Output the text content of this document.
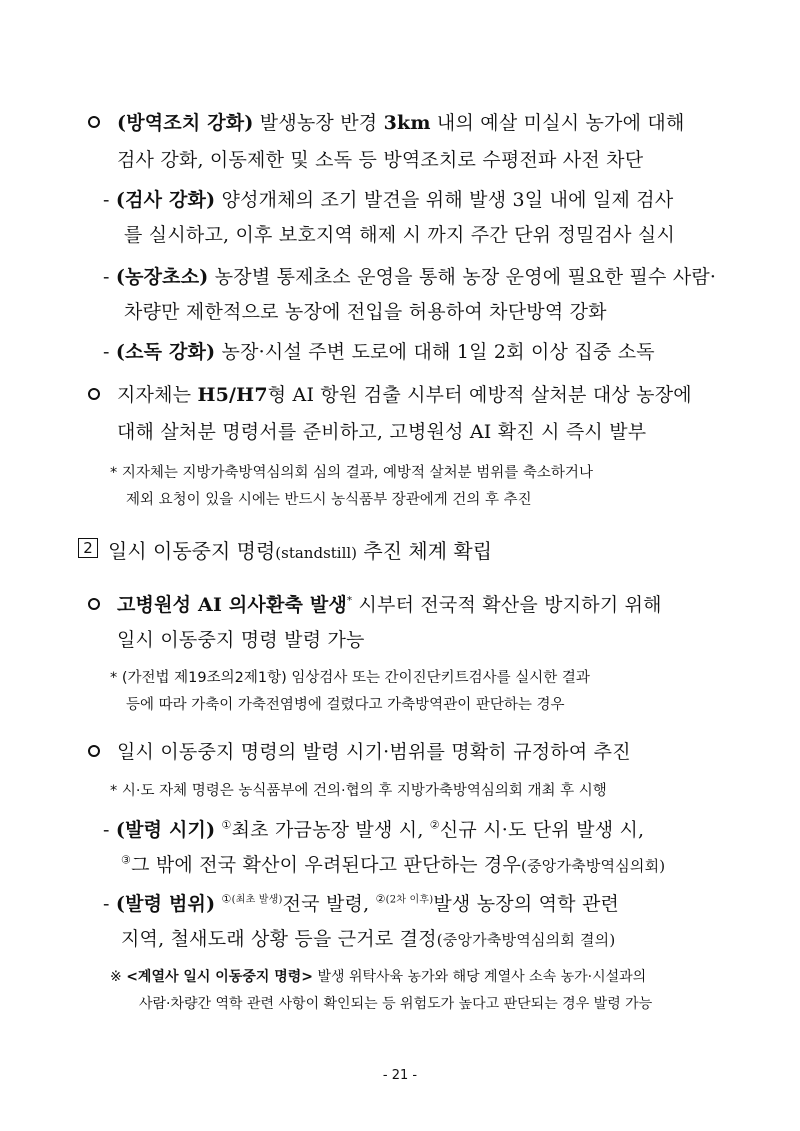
(방역조치 강화) 발생농장 반경 3km 내의 예살 미실시 농가에 대해
검사 강화, 이동제한 및 소독 등 방역조치로 수평전파 사전 차단
- (검사 강화) 양성개체의 조기 발견을 위해 발생 3일 내에 일제 검사
를 실시하고, 이후 보호지역 해제 시 까지 주간 단위 정밀검사 실시
- (농장초소) 농장별 통제초소 운영을 통해 농장 운영에 필요한 필수 사람·
차량만 제한적으로 농장에 전입을 허용하여 차단방역 강화
- (소독 강화) 농장·시설 주변 도로에 대해 1일 2회 이상 집중 소독
지자체는 H5/H7형 AI 항원 검출 시부터 예방적 살처분 대상 농장에
대해 살처분 명령서를 준비하고, 고병원성 AI 확진 시 즉시 발부
* 지자체는 지방가축방역심의회 심의 결과, 예방적 살처분 범위를 축소하거나
제외 요청이 있을 시에는 반드시 농식품부 장관에게 건의 후 추진
2 일시 이동중지 명령(standstill) 추진 체계 확립
고병원성 AI 의사환축 발생* 시부터 전국적 확산을 방지하기 위해
일시 이동중지 명령 발령 가능
* (가전법 제19조의2제1항) 임상검사 또는 간이진단키트검사를 실시한 결과
등에 따라 가축이 가축전염병에 걸렸다고 가축방역관이 판단하는 경우
일시 이동중지 명령의 발령 시기·범위를 명확히 규정하여 추진
* 시·도 자체 명령은 농식품부에 건의·협의 후 지방가축방역심의회 개최 후 시행
- (발령 시기) ①최초 가금농장 발생 시, ②신규 시·도 단위 발생 시,
③그 밖에 전국 확산이 우려된다고 판단하는 경우(중앙가축방역심의회)
- (발령 범위) $^{①(최초 발생)}$전국 발령, $^{②(2차 이후)}$발생 농장의 역학 관련
지역, 철새도래 상황 등을 근거로 결정(중앙가축방역심의회 결의)
※ <계열사 일시 이동중지 명령> 발생 위탁사육 농가와 해당 계열사 소속 농가·시설과의
사람·차량간 역학 관련 사항이 확인되는 등 위험도가 높다고 판단되는 경우 발령 가능
- 21 -
